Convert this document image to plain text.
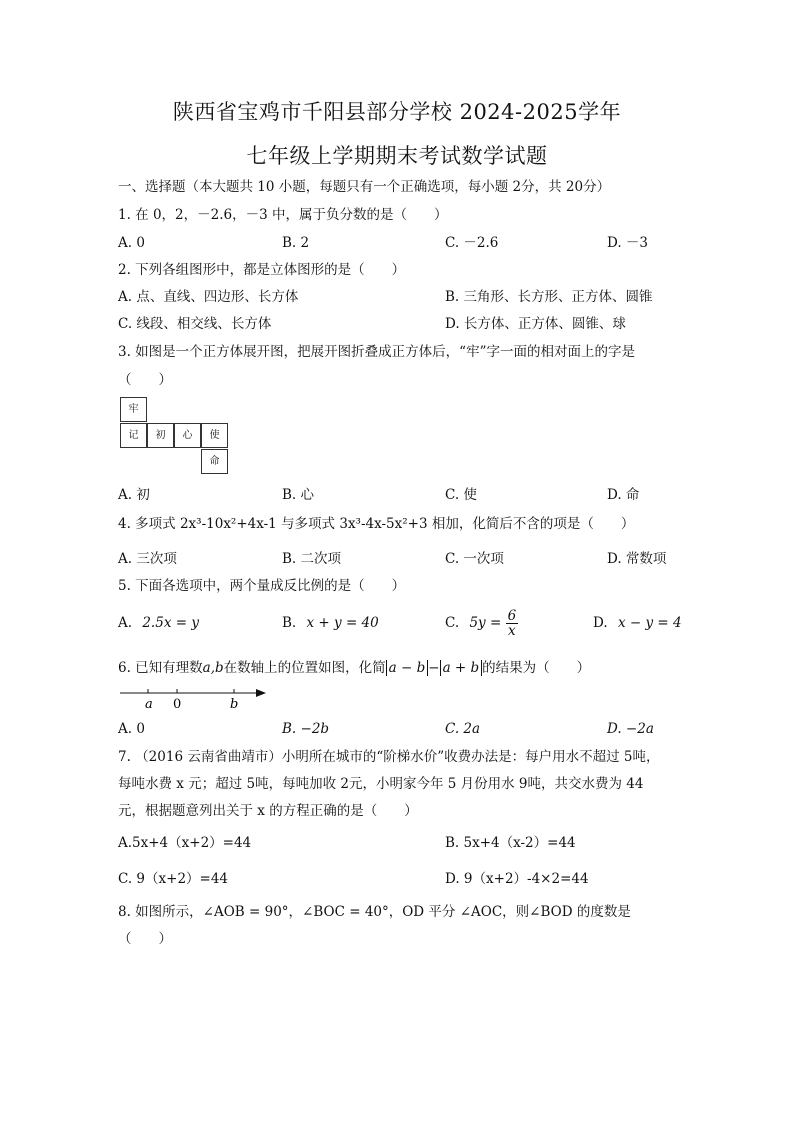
陕西省宝鸡市千阳县部分学校 2024-2025学年
七年级上学期期末考试数学试题
一、选择题（本大题共 10 小题，每题只有一个正确选项，每小题 2分，共 20分）
1. 在 0，2，－2.6，－3 中，属于负分数的是（　　）
A. 0	B. 2	C. －2.6	D. －3
2. 下列各组图形中，都是立体图形的是（　　）
A. 点、直线、四边形、长方体	B. 三角形、长方形、正方体、圆锥
C. 线段、相交线、长方体	D. 长方体、正方体、圆锥、球
3. 如图是一个正方体展开图，把展开图折叠成正方体后，“牢”字一面的相对面上的字是
（　　）
牢
记	初	心	使
命
A. 初	B. 心	C. 使	D. 命
4. 多项式 2x³-10x²+4x-1 与多项式 3x³-4x-5x²+3 相加，化简后不含的项是（　　）
A. 三次项	B. 二次项	C. 一次项	D. 常数项
5. 下面各选项中，两个量成反比例的是（　　）
A. 2.5x = y	B. x + y = 40	C. $5y = \frac{6}{x}$	D. x − y = 4
6. 已知有理数a,b在数轴上的位置如图，化简 a − b − a + b 的结果为（　　）
a 0	b
A. 0	B. −2b	C. 2a	D. −2a
7. （2016 云南省曲靖市）小明所在城市的“阶梯水价”收费办法是：每户用水不超过 5吨，
每吨水费 x 元；超过 5吨，每吨加收 2元，小明家今年 5 月份用水 9吨，共交水费为 44
元，根据题意列出关于 x 的方程正确的是（　　）
A.5x+4（x+2）=44	B. 5x+4（x-2）=44
C. 9（x+2）=44	D. 9（x+2）-4×2=44
8. 如图所示，∠AOB = 90°，∠BOC = 40°，OD 平分 ∠AOC，则∠BOD 的度数是
（　　）
